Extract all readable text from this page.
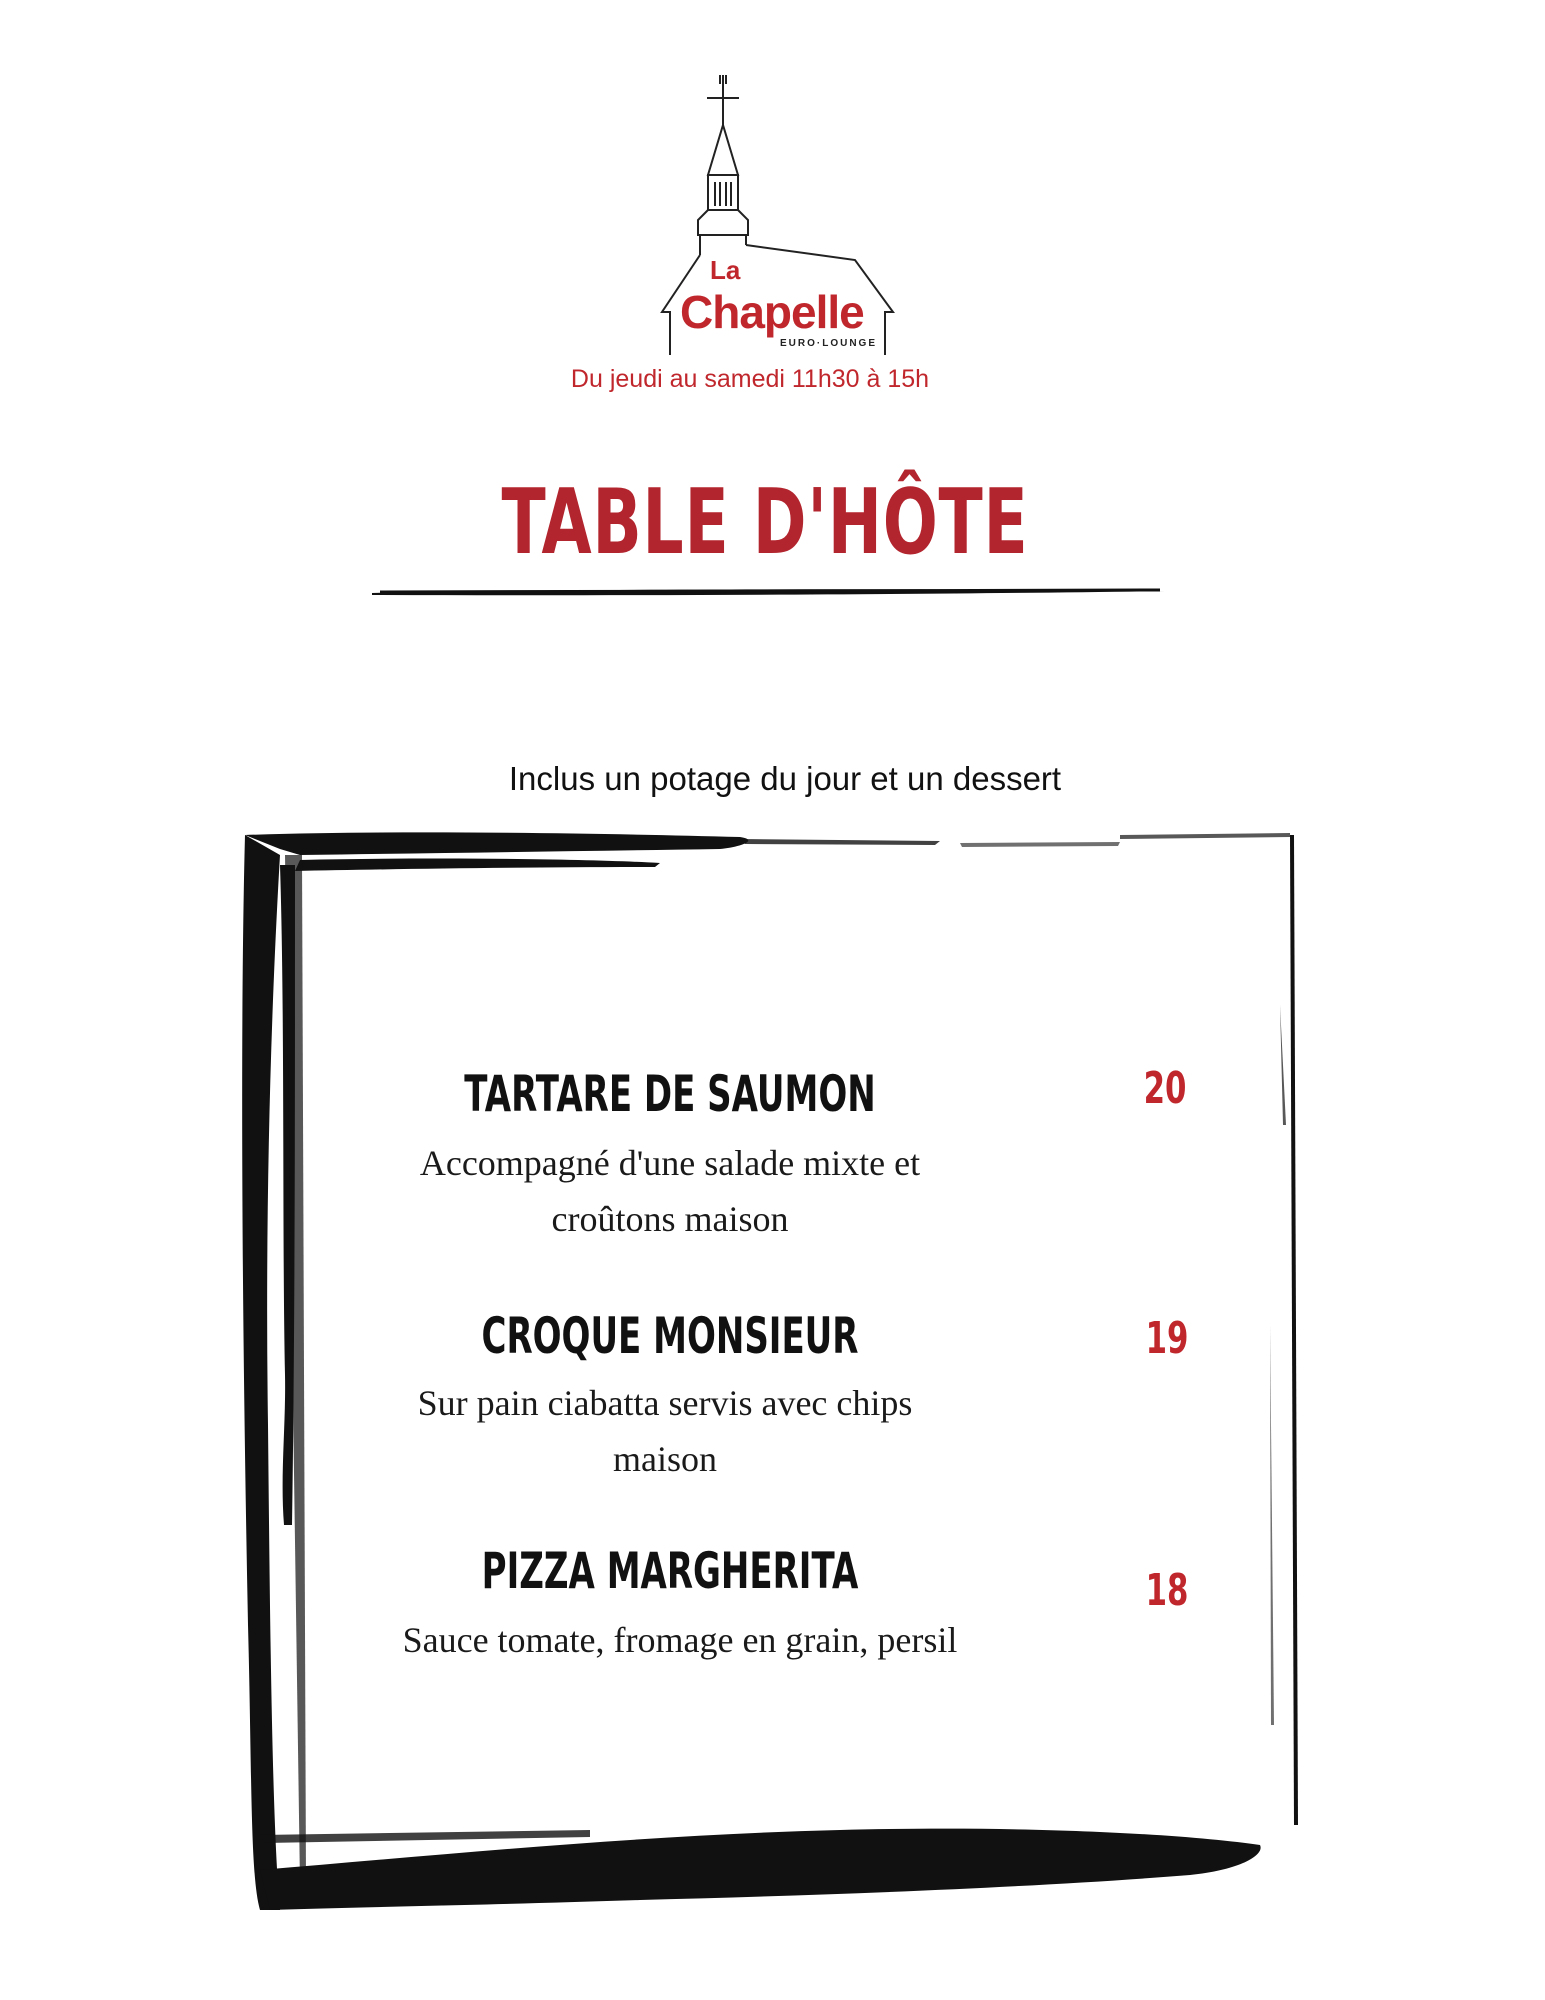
La
Chapelle
EURO·LOUNGE
Du jeudi au samedi 11h30 à 15h
TABLE D'HÔTE
Inclus un potage du jour et un dessert
TARTARE DE SAUMON
Accompagné d'une salade mixte et croûtons maison
20
CROQUE MONSIEUR
Sur pain ciabatta servis avec chips maison
19
PIZZA MARGHERITA
Sauce tomate, fromage en grain, persil
18
